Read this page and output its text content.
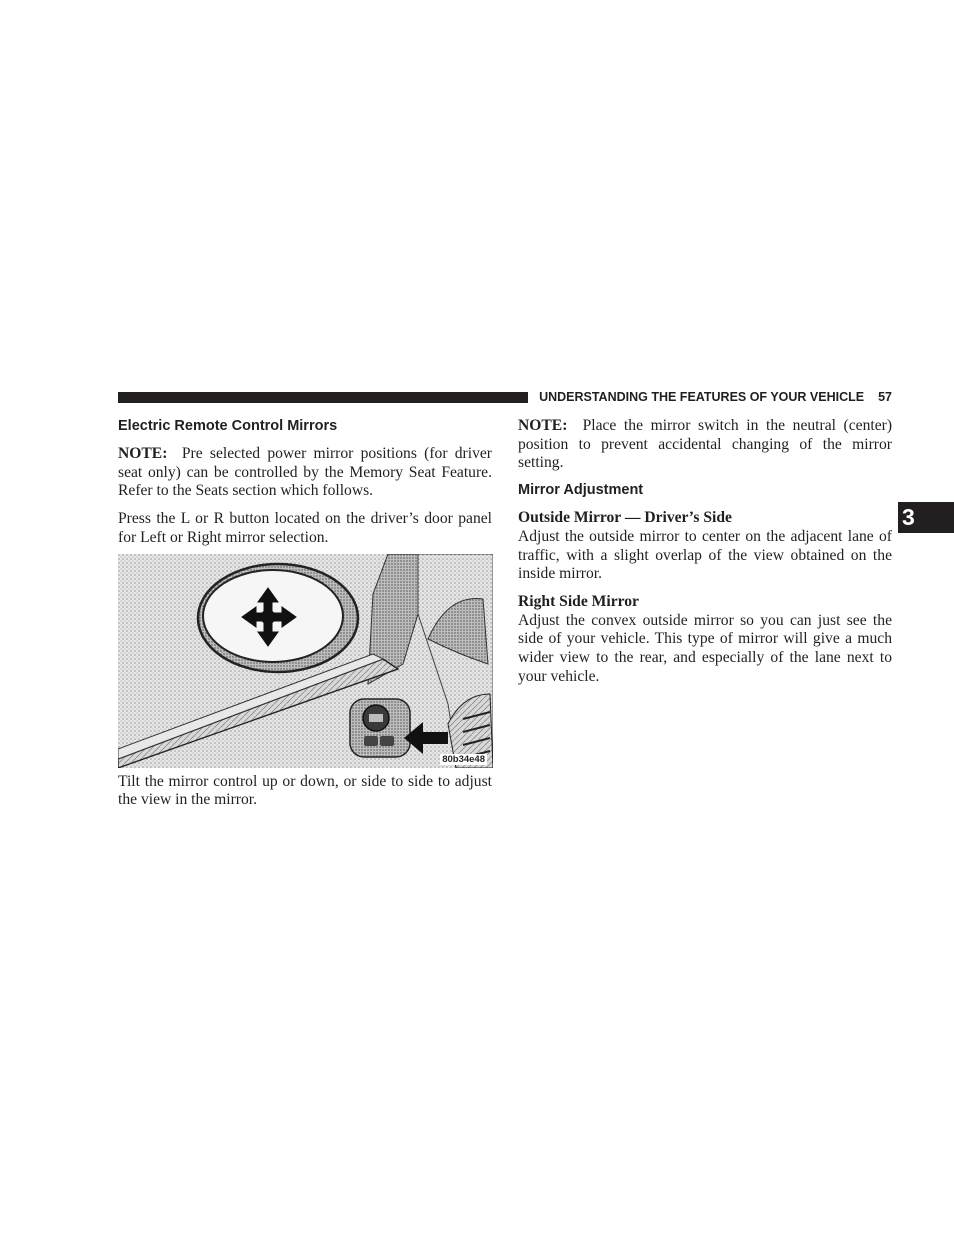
UNDERSTANDING THE FEATURES OF YOUR VEHICLE 57
3
Electric Remote Control Mirrors

NOTE: Pre selected power mirror positions (for driver seat only) can be controlled by the Memory Seat Feature. Refer to the Seats section which follows.

Press the L or R button located on the driver’s door panel for Left or Right mirror selection.

80b34e48

Tilt the mirror control up or down, or side to side to adjust the view in the mirror.

NOTE: Place the mirror switch in the neutral (center) position to prevent accidental changing of the mirror setting.

Mirror Adjustment
Outside Mirror — Driver’s Side

Adjust the outside mirror to center on the adjacent lane of traffic, with a slight overlap of the view obtained on the inside mirror.

Right Side Mirror

Adjust the convex outside mirror so you can just see the side of your vehicle. This type of mirror will give a much wider view to the rear, and especially of the lane next to your vehicle.
